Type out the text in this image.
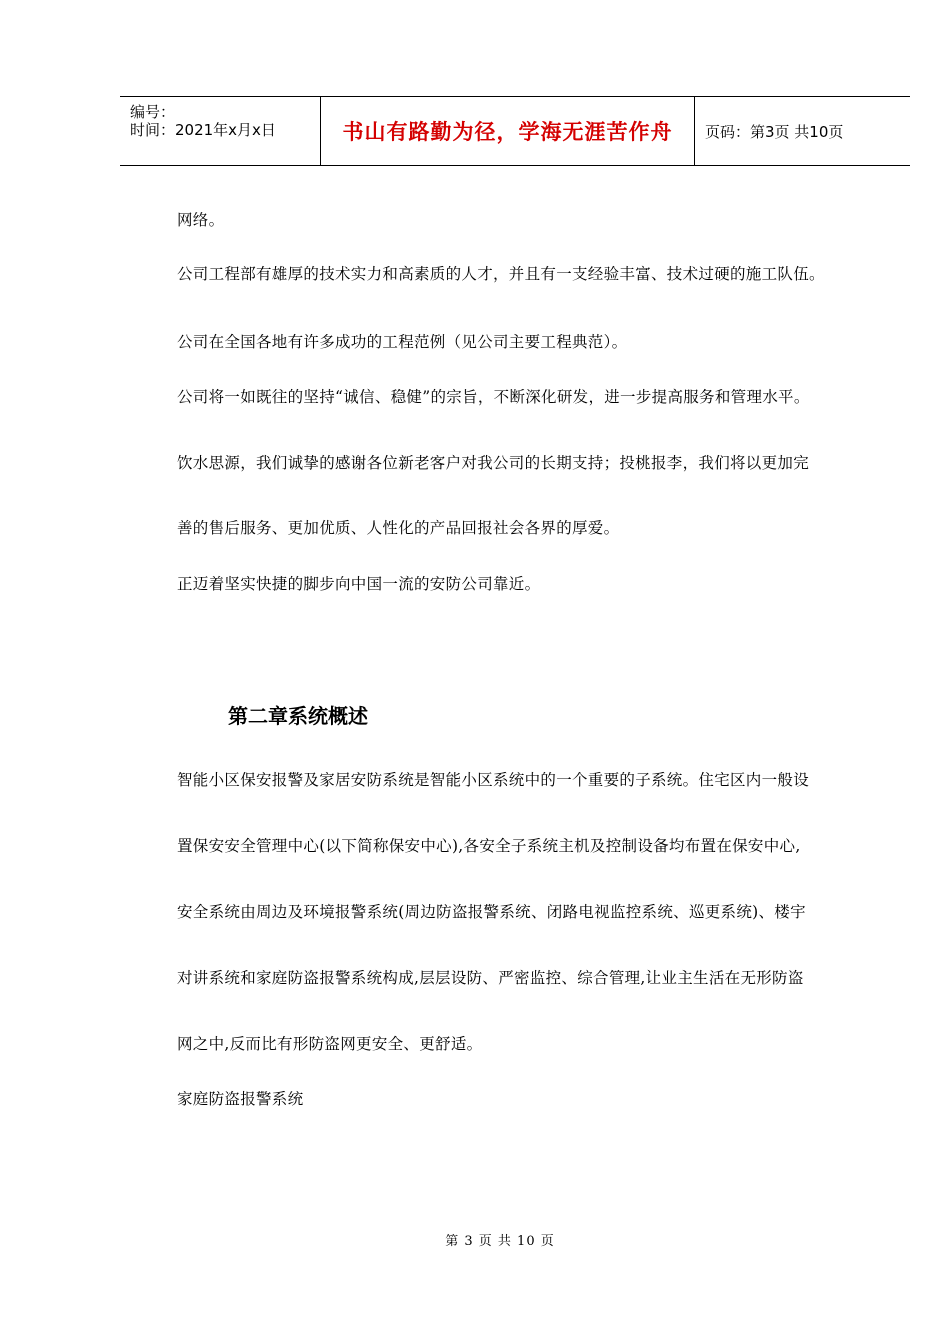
编号：
时间：2021年x月x日	书山有路勤为径，学海无涯苦作舟 页码：第3页 共10页
网络。
公司工程部有雄厚的技术实力和高素质的人才，并且有一支经验丰富、技术过硬的施工队伍。
公司在全国各地有许多成功的工程范例（见公司主要工程典范）。
公司将一如既往的坚持“诚信、稳健”的宗旨，不断深化研发，进一步提高服务和管理水平。
饮水思源，我们诚挚的感谢各位新老客户对我公司的长期支持；投桃报李，我们将以更加完
善的售后服务、更加优质、人性化的产品回报社会各界的厚爱。
正迈着坚实快捷的脚步向中国一流的安防公司靠近。
第二章系统概述
智能小区保安报警及家居安防系统是智能小区系统中的一个重要的子系统。住宅区内一般设
置保安安全管理中心(以下简称保安中心),各安全子系统主机及控制设备均布置在保安中心,
安全系统由周边及环境报警系统(周边防盗报警系统、闭路电视监控系统、巡更系统)、楼宇
对讲系统和家庭防盗报警系统构成,层层设防、严密监控、综合管理,让业主生活在无形防盗
网之中,反而比有形防盗网更安全、更舒适。
家庭防盗报警系统
第 3 页 共 10 页
